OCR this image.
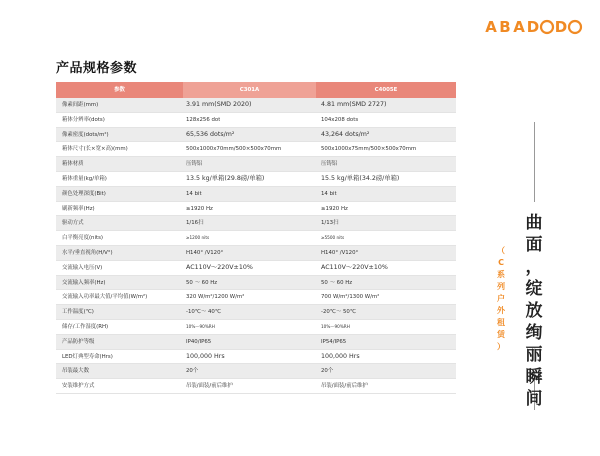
A B A D D
产品规格参数
参数	C301A	C4005E
像素间距(mm)	3.91 mm(SMD 2020)	4.81 mm(SMD 2727)
箱体分辨率(dots)	128x256 dot	104x208 dots
像素密度(dots/m²)	65,536 dots/m²	43,264 dots/m²
箱体尺寸(长×宽×高)(mm)	500x1000x70mm/500×500x70mm	500x1000x75mm/500×500x70mm
箱体材质	压铸铝	压铸铝
箱体重量(kg/单箱)	13.5 kg/单箱(29.8磅/单箱)	15.5 kg/单箱(34.2磅/单箱)
颜色处理深度(Bit)	14 bit	14 bit
刷新频率(Hz)	≥1920 Hz	≥1920 Hz
驱动方式	1/16扫	1/13扫
白平衡亮度(nits)	≥1200 nits	≥5500 nits
水平/垂直视角(H/V°)	H140° /V120°	H140° /V120°
交流输入电压(V)	AC110V～220V±10%	AC110V～220V±10%
交流输入频率(Hz)	50 ～ 60 Hz	50 ～ 60 Hz
交流输入功率最大值/平均值(W/m²)	320 W/m²/1200 W/m²	700 W/m²/1300 W/m²
工作温度(℃)	-10℃～ 40℃	-20℃～ 50℃
储存/工作湿度(RH)	10%～90%RH	10%～90%RH
产品防护等级	IP40/IP65	IP54/IP65
LED灯典型寿命(Hrs)	100,000 Hrs	100,000 Hrs
吊装最大数	20个	20个
安装维护方式	吊装/面装/前后维护	吊装/面装/前后维护
曲
面
，
绽
放
绚
丽
瞬
间
（
C
系
列
户
外
租
赁
）
